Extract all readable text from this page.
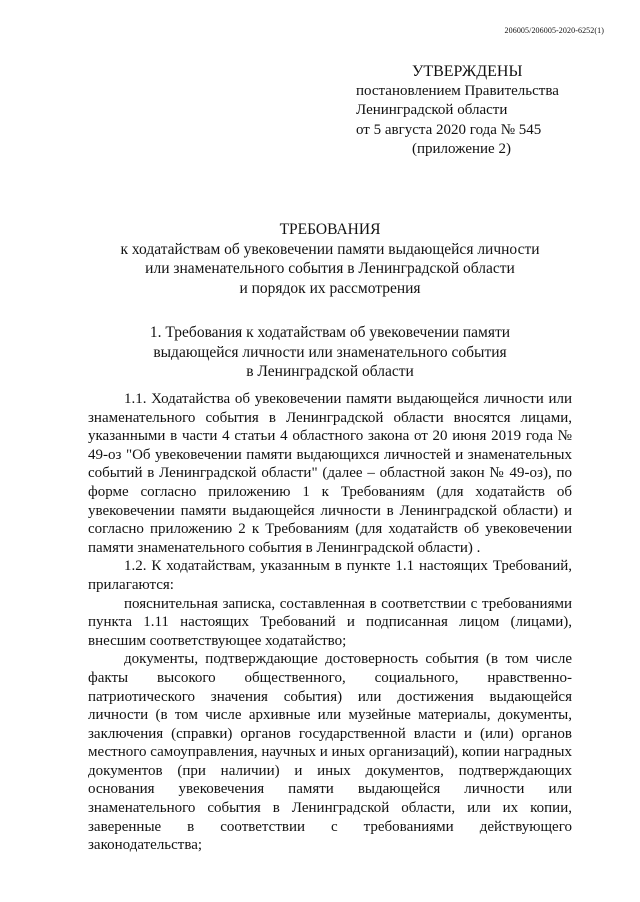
206005/206005-2020-6252(1)
УТВЕРЖДЕНЫ
постановлением Правительства
Ленинградской области
от 5 августа 2020 года № 545
(приложение 2)
ТРЕБОВАНИЯ
к ходатайствам об увековечении памяти выдающейся личности
или знаменательного события в Ленинградской области
и порядок их рассмотрения
1. Требования к ходатайствам об увековечении памяти
выдающейся личности или знаменательного события
в Ленинградской области

1.1. Ходатайства об увековечении памяти выдающейся личности или знаменательного события в Ленинградской области вносятся лицами, указанными в части 4 статьи 4 областного закона от 20 июня 2019 года № 49-оз "Об увековечении памяти выдающихся личностей и знаменательных событий в Ленинградской области" (далее – областной закон № 49-оз), по форме согласно приложению 1 к Требованиям (для ходатайств об увековечении памяти выдающейся личности в Ленинградской области) и согласно приложению 2 к Требованиям (для ходатайств об увековечении памяти знаменательного события в Ленинградской области) .

1.2. К ходатайствам, указанным в пункте 1.1 настоящих Требований, прилагаются:

пояснительная записка, составленная в соответствии с требованиями пункта 1.11 настоящих Требований и подписанная лицом (лицами), внесшим соответствующее ходатайство;

документы, подтверждающие достоверность события (в том числе факты высокого общественного, социального, нравственно-патриотического значения события) или достижения выдающейся личности (в том числе архивные или музейные материалы, документы, заключения (справки) органов государственной власти и (или) органов местного самоуправления, научных и иных организаций), копии наградных документов (при наличии) и иных документов, подтверждающих основания увековечения памяти выдающейся личности или знаменательного события в Ленинградской области, или их копии, заверенные в соответствии с требованиями действующего законодательства;
